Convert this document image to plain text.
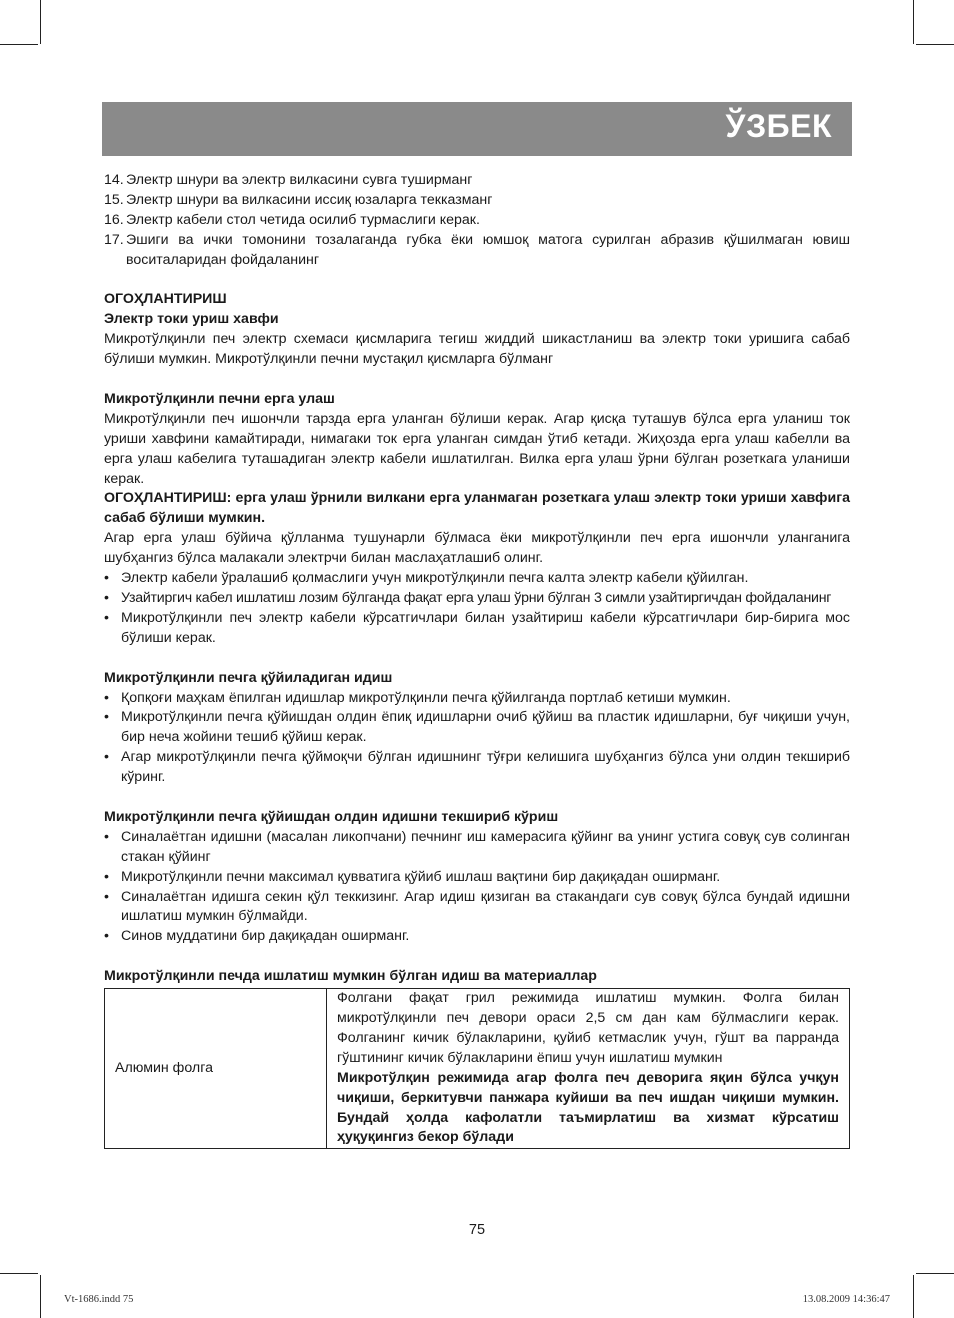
ЎЗБЕК
14. Электр шнури ва электр вилкасини сувга туширманг
15. Электр шнури ва вилкасини иссиқ юзаларга текказманг
16. Электр кабели стол четида осилиб турмаслиги керак.
17. Эшиги ва ички томонини тозалаганда губка ёки юмшоқ матога сурилган абразив қўшилмаган ювиш воситаларидан фойдаланинг

ОГОҲЛАНТИРИШ

Электр токи уриш хавфи

Микротўлқинли печ электр схемаси қисмларига тегиш жиддий шикастланиш ва электр токи уришига сабаб бўлиши мумкин. Микротўлқинли печни мустақил қисмларга бўлманг

Микротўлқинли печни ерга улаш

Микротўлқинли печ ишончли тарзда ерга уланган бўлиши керак. Агар қисқа туташув бўлса ерга уланиш ток уриши хавфини камайтиради, нимагаки ток ерга уланган симдан ўтиб кетади. Жиҳозда ерга улаш кабелли ва ерга улаш кабелига туташадиган электр кабели ишлатилган. Вилка ерга улаш ўрни бўлган розеткага уланиши керак.

ОГОҲЛАНТИРИШ: ерга улаш ўрнили вилкани ерга уланмаган розеткага улаш электр токи уриши хавфига сабаб бўлиши мумкин.

Агар ерга улаш бўйича қўлланма тушунарли бўлмаса ёки микротўлқинли печ ерга ишончли уланганига шубҳангиз бўлса малакали электрчи билан маслаҳатлашиб олинг.

• Электр кабели ўралашиб қолмаслиги учун микротўлқинли печга калта электр кабели қўйилган.
• Узайтиргич кабел ишлатиш лозим бўлганда фақат ерга улаш ўрни бўлган 3 симли узайтиргичдан фойдаланинг
• Микротўлқинли печ электр кабели кўрсатгичлари билан узайтириш кабели кўрсатгичлари бир-бирига мос бўлиши керак.

Микротўлқинли печга қўйиладиган идиш

• Қопқоғи маҳкам ёпилган идишлар микротўлқинли печга қўйилганда портлаб кетиши мумкин.
• Микротўлқинли печга қўйишдан олдин ёпиқ идишларни очиб қўйиш ва пластик идишларни, буғ чиқиши учун, бир неча жойини тешиб қўйиш керак.
• Агар микротўлқинли печга қўймоқчи бўлган идишнинг тўғри келишига шубҳангиз бўлса уни олдин текшириб кўринг.

Микротўлқинли печга қўйишдан олдин идишни текшириб кўриш

• Синалаётган идишни (масалан ликопчани) печнинг иш камерасига қўйинг ва унинг устига совуқ сув солинган стакан қўйинг
• Микротўлқинли печни максимал қувватига қўйиб ишлаш вақтини бир дақиқадан оширманг.
• Синалаётган идишга секин қўл теккизинг. Агар идиш қизиган ва стакандаги сув совуқ бўлса бундай идишни ишлатиш мумкин бўлмайди.
• Синов муддатини бир дақиқадан оширманг.

Микротўлқинли печда ишлатиш мумкин бўлган идиш ва материаллар

Алюмин фолга	
Фолгани фақат грил режимида ишлатиш мумкин. Фолга билан микротўлқинли печ девори ораси 2,5 см дан кам бўлмаслиги керак. Фолганинг кичик бўлакларини, қуйиб кетмаслик учун, гўшт ва парранда гўштининг кичик бўлакларини ёпиш учун ишлатиш мумкин
Микротўлқин режимида агар фолга печ деворига яқин бўлса учқун чиқиши, беркитувчи панжара куйиши ва печ ишдан чиқиши мумкин. Бундай ҳолда кафолатли таъмирлатиш ва хизмат кўрсатиш ҳуқуқингиз бекор бўлади
75
Vt-1686.indd 75	13.08.2009 14:36:47
